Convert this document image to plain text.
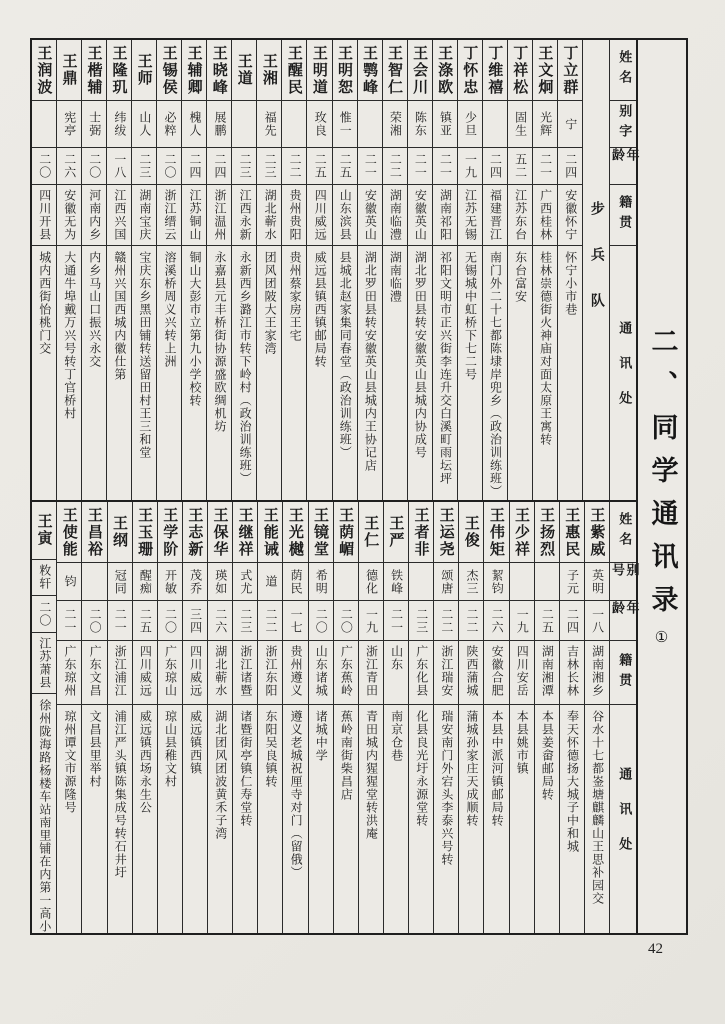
二、同学通讯录①
姓名
别字
年龄
籍贯
通讯处
步兵队
丁立群
宁
二四
安徽怀宁
怀宁小市巷
王文炯
光辉
二一
广西桂林
桂林崇德街火神庙对面太原王寓转
丁祥松
固生
五二
江苏东台
东台富安
丁维禧
二四
福建晋江
南门外二十七都陈埭岸兜乡（政治训练班）
丁怀忠
少旦
一九
江苏无锡
无锡城中虹桥下七二号
王涤欧
镇亚
二一
湖南祁阳
祁阳文明市正兴街李连升交白溪町雨坛坪
王会川
陈东
二一
安徽英山
湖北罗田县转安徽英山县城内协成号
王智仁
荣湘
二二
湖南临澧
湖南临澧
王鹗峰
二一
安徽英山
湖北罗田县转安徽英山县城内王协记店
王明恕
惟一
二五
山东滨县
县城北赵家集同春堂（政治训练班）
王明道
玫良
二五
四川威远
威远县镇西镇邮局转
王醒民
二二
贵州贵阳
贵州蔡家房王宅
王湘
福先
二三
湖北蕲水
团风团陂大王家湾
王道
二三
江西永新
永新西乡潞江市转下岭村（政治训练班）
王晓峰
展鹏
二四
浙江温州
永嘉县元丰桥街协源盛欧绸机坊
王辅卿
槐人
二四
江苏铜山
铜山大彭市立第九小学校转
王锡侯
必粹
二〇
浙江缙云
溶溪桥周义兴转上洲
王师
山人
二三
湖南宝庆
宝庆东乡黑田铺转送留田村王三和堂
王隆玑
纬绂
一八
江西兴国
赣州兴国西城内徽仕第
王楷辅
士弼
二〇
河南内乡
内乡马山口振兴永交
王鼎
宪亭
二六
安徽无为
大通牛埠戴万兴号转丁官桥村
王润波
二〇
四川开县
城内西街怡桃门交
姓名
别号
年龄
籍贯
通讯处
王紫威
英明
一八
湖南湘乡
谷水十七都崟塘麒麟山王思补园交
王惠民
子元
二四
吉林长林
奉天怀德扬大城子中和城
王扬烈
二五
湖南湘潭
本县姜畲邮局转
王少祥
一九
四川安岳
本县姚市镇
王伟矩
絜钧
二六
安徽合肥
本县中派河镇邮局转
王俊
杰三
二二
陕西蒲城
蒲城孙家庄天成顺转
王运尧
颂唐
二二
浙江瑞安
瑞安南门外宕头李泰兴号转
王者非
二三
广东化县
化县良光圩永源堂转
王严
铁峰
二一
山东
南京仓巷
王仁
德化
一九
浙江青田
青田城内猩猩堂转洪庵
王荫嵋
二〇
广东蕉岭
蕉岭南街柴昌店
王镜堂
希明
二〇
山东诸城
诸城中学
王光樾
荫民
一七
贵州遵义
遵义老城祝厘寺对门（留俄）
王能诫
道
二二
浙江东阳
东阳吴良镇转
王继祥
式尤
二三
浙江诸暨
诸暨街亭镇仁寿堂转
王保华
瑛如
二六
湖北蕲水
湖北团风团波黄禾子湾
王志新
茂乔
三四
四川威远
威远镇西镇
王学阶
开敏
二〇
广东琼山
琼山县稚文村
王玉珊
醒痴
二五
四川威远
威远镇西场永生公
王纲
冠同
二一
浙江浦江
浦江严头镇陈集成号转石井圩
王昌裕
二〇
广东文昌
文昌县里举村
王使能
钧
二一
广东琼州
琼州谭文市源隆号
王寅
敉轩
二〇
江苏萧县
徐州陇海路杨楼车站南里铺在内第一高小
42
